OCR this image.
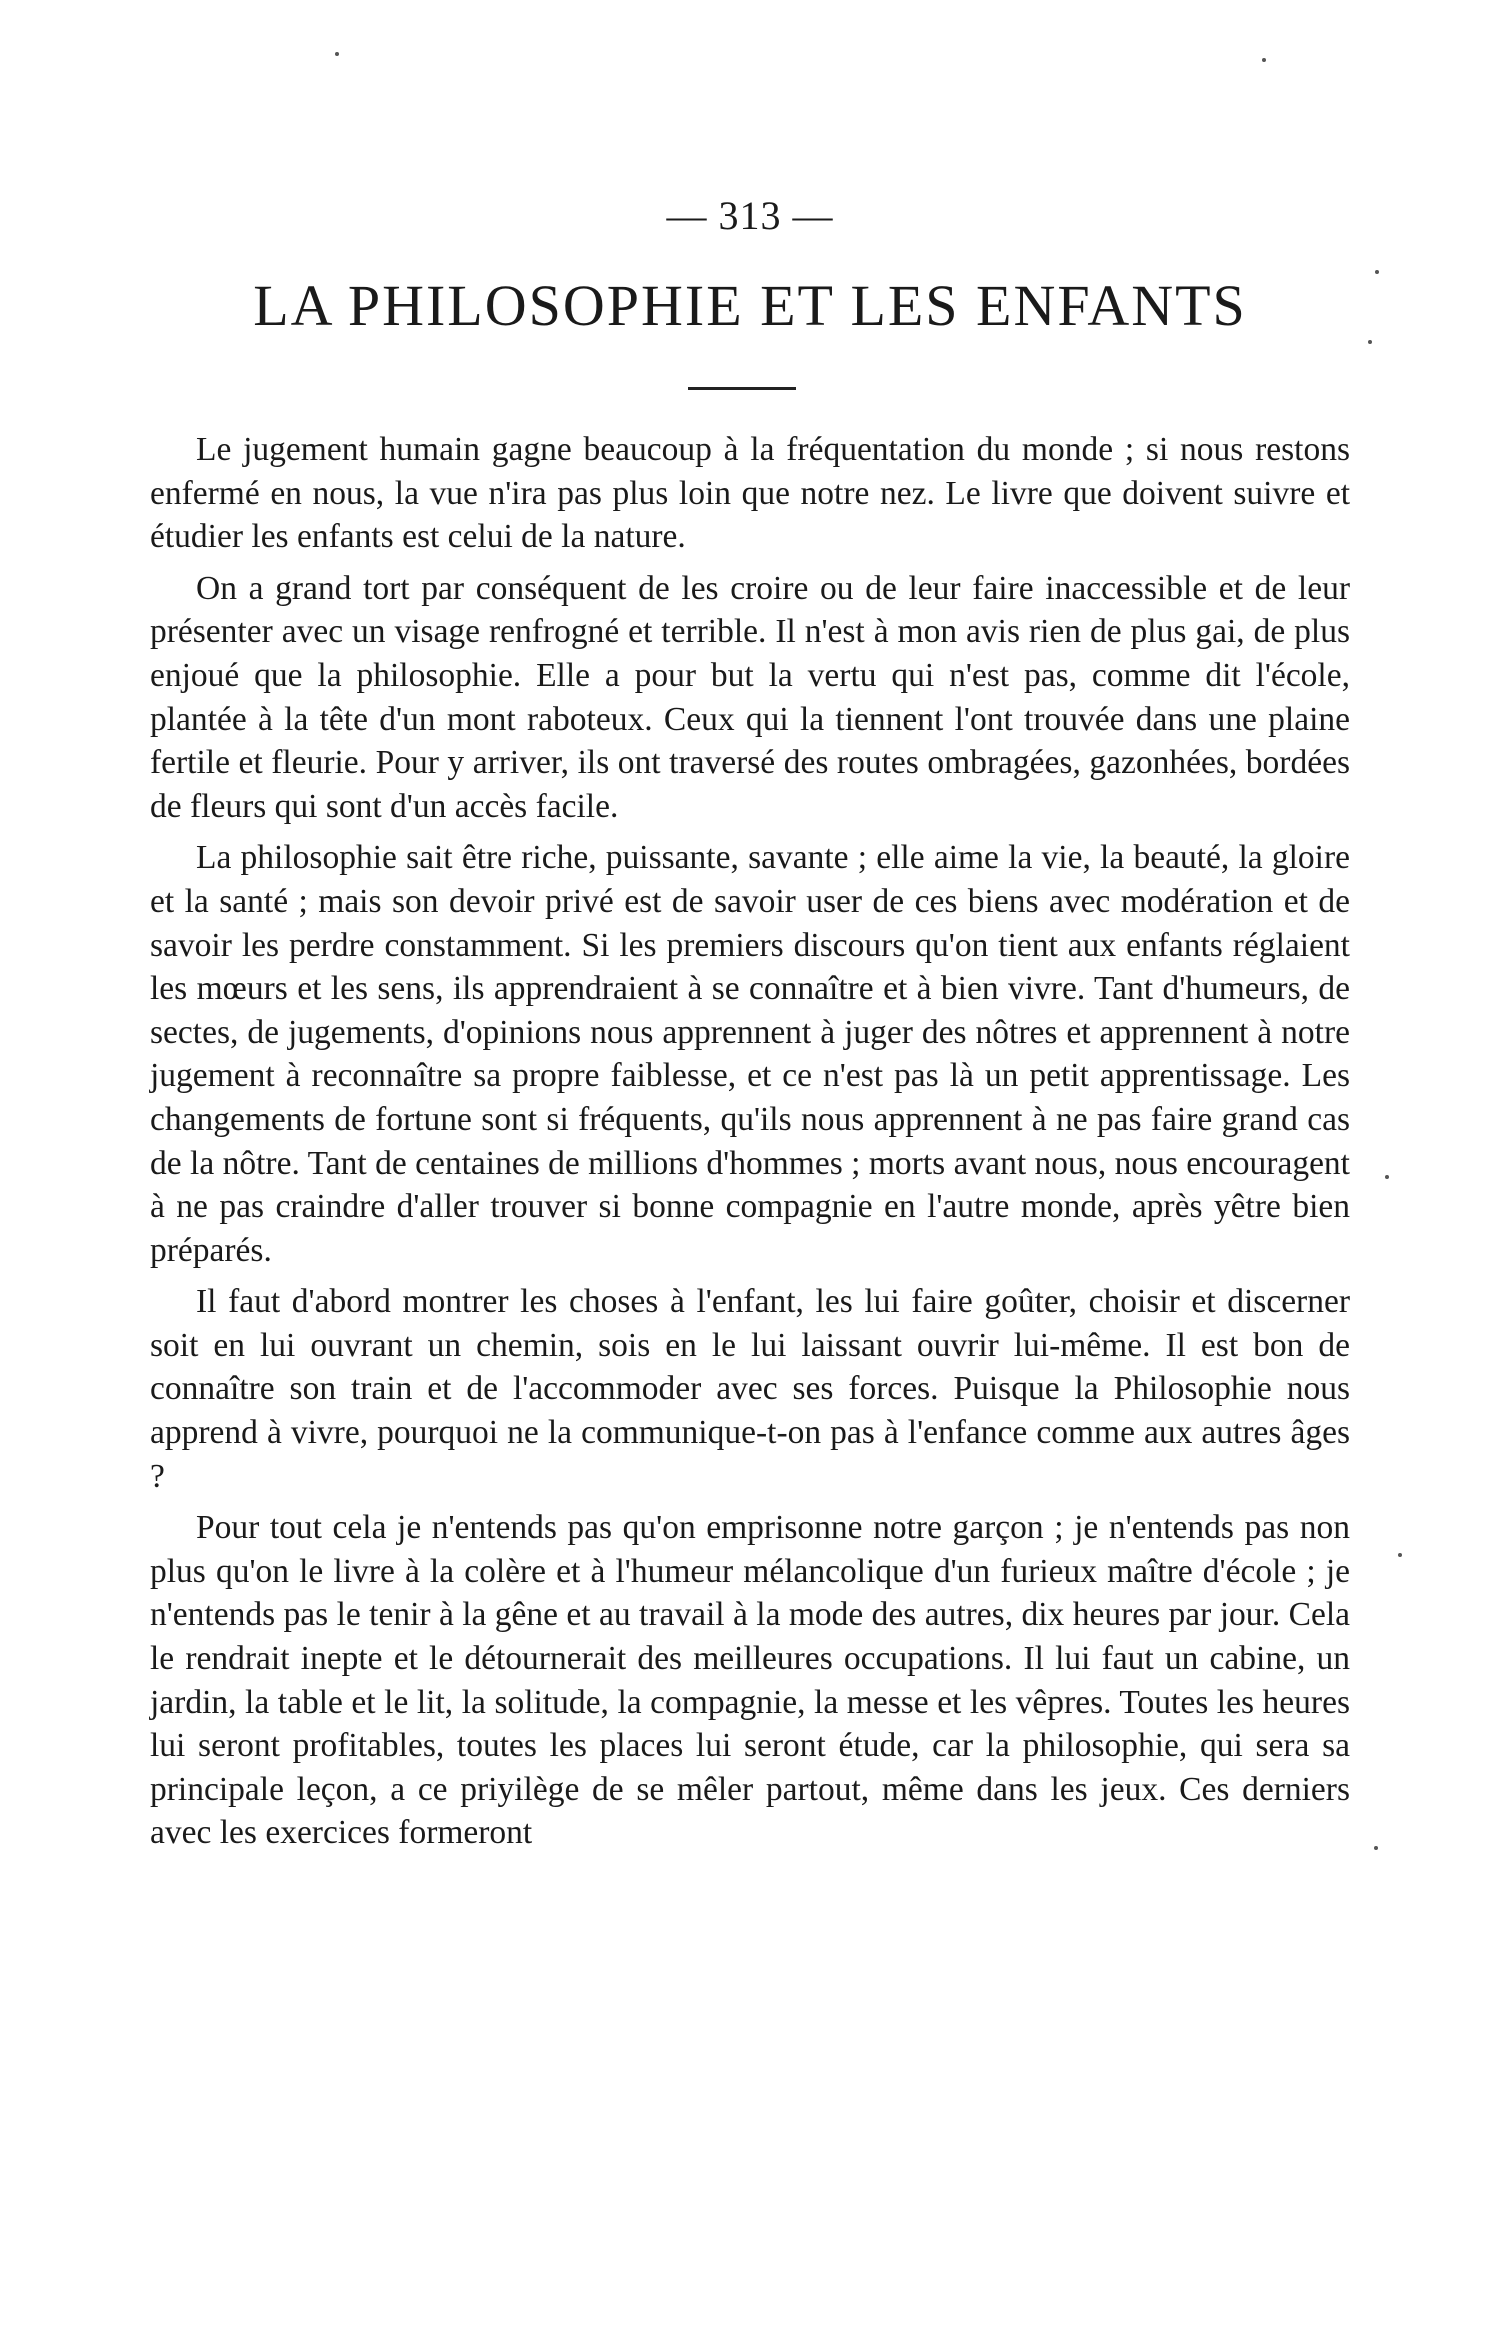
— 313 —
LA PHILOSOPHIE ET LES ENFANTS

Le jugement humain gagne beaucoup à la fréquentation du monde ; si nous restons enfermé en nous, la vue n'ira pas plus loin que notre nez. Le livre que doivent suivre et étudier les enfants est celui de la nature.

On a grand tort par conséquent de les croire ou de leur faire inaccessible et de leur présenter avec un visage renfrogné et terrible. Il n'est à mon avis rien de plus gai, de plus enjoué que la philosophie. Elle a pour but la vertu qui n'est pas, comme dit l'école, plantée à la tête d'un mont raboteux. Ceux qui la tiennent l'ont trouvée dans une plaine fertile et fleurie. Pour y arriver, ils ont traversé des routes ombragées, gazonhées, bordées de fleurs qui sont d'un accès facile.

La philosophie sait être riche, puissante, savante ; elle aime la vie, la beauté, la gloire et la santé ; mais son devoir privé est de savoir user de ces biens avec modération et de savoir les perdre constamment. Si les premiers discours qu'on tient aux enfants réglaient les mœurs et les sens, ils apprendraient à se connaître et à bien vivre. Tant d'humeurs, de sectes, de jugements, d'opinions nous apprennent à juger des nôtres et apprennent à notre jugement à reconnaître sa propre faiblesse, et ce n'est pas là un petit apprentissage. Les changements de fortune sont si fréquents, qu'ils nous apprennent à ne pas faire grand cas de la nôtre. Tant de centaines de millions d'hommes ; morts avant nous, nous encouragent à ne pas craindre d'aller trouver si bonne compagnie en l'autre monde, après yêtre bien préparés.

Il faut d'abord montrer les choses à l'enfant, les lui faire goûter, choisir et discerner soit en lui ouvrant un chemin, sois en le lui laissant ouvrir lui-même. Il est bon de connaître son train et de l'accommoder avec ses forces. Puisque la Philosophie nous apprend à vivre, pourquoi ne la communique-t-on pas à l'enfance comme aux autres âges ?

Pour tout cela je n'entends pas qu'on emprisonne notre garçon ; je n'entends pas non plus qu'on le livre à la colère et à l'humeur mélancolique d'un furieux maître d'école ; je n'entends pas le tenir à la gêne et au travail à la mode des autres, dix heures par jour. Cela le rendrait inepte et le détournerait des meilleures occupations. Il lui faut un cabine, un jardin, la table et le lit, la solitude, la compagnie, la messe et les vêpres. Toutes les heures lui seront profitables, toutes les places lui seront étude, car la philosophie, qui sera sa principale leçon, a ce priyilège de se mêler partout, même dans les jeux. Ces derniers avec les exercices formeront
